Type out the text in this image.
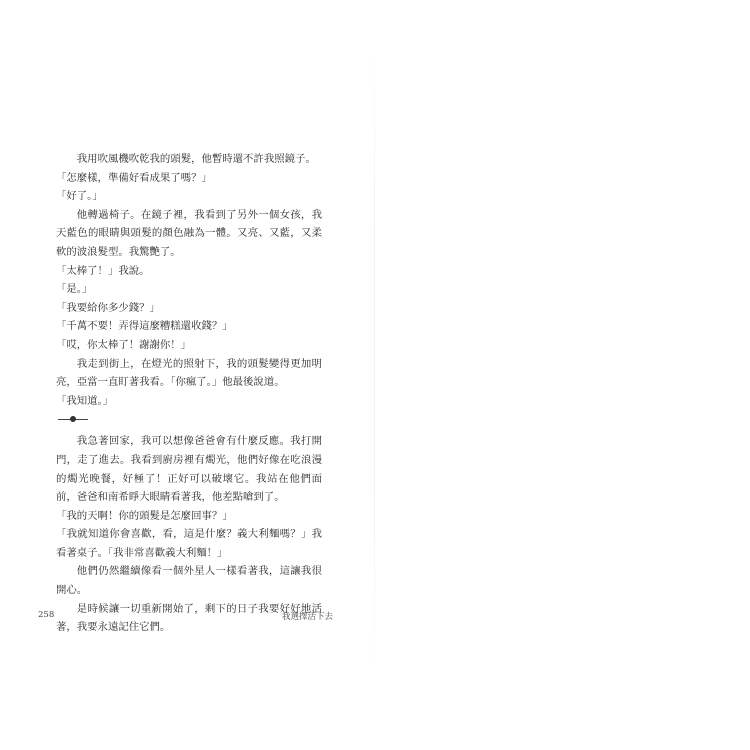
我用吹風機吹乾我的頭髮，他暫時還不許我照鏡子。

「怎麼樣，準備好看成果了嗎？」

「好了。」

他轉過椅子。在鏡子裡，我看到了另外一個女孩，我天藍色的眼睛與頭髮的顏色融為一體。又亮、又藍，又柔軟的波浪髮型。我驚艷了。

「太棒了！」我說。

「是。」

「我要給你多少錢？」

「千萬不要！弄得這麼糟糕還收錢？」

「哎，你太棒了！謝謝你！」

我走到街上，在燈光的照射下，我的頭髮變得更加明亮，亞當一直盯著我看。「你瘋了。」他最後說道。

「我知道。」

我急著回家，我可以想像爸爸會有什麼反應。我打開門，走了進去。我看到廚房裡有燭光，他們好像在吃浪漫的燭光晚餐，好極了！正好可以破壞它。我站在他們面前，爸爸和南希睜大眼睛看著我，他差點嗆到了。

「我的天啊！你的頭髮是怎麼回事？」

「我就知道你會喜歡，看，這是什麼？義大利麵嗎？」我看著桌子。「我非常喜歡義大利麵！」

他們仍然繼續像看一個外星人一樣看著我，這讓我很開心。

是時候讓一切重新開始了，剩下的日子我要好好地活著，我要永遠記住它們。

258	我選擇活下去
